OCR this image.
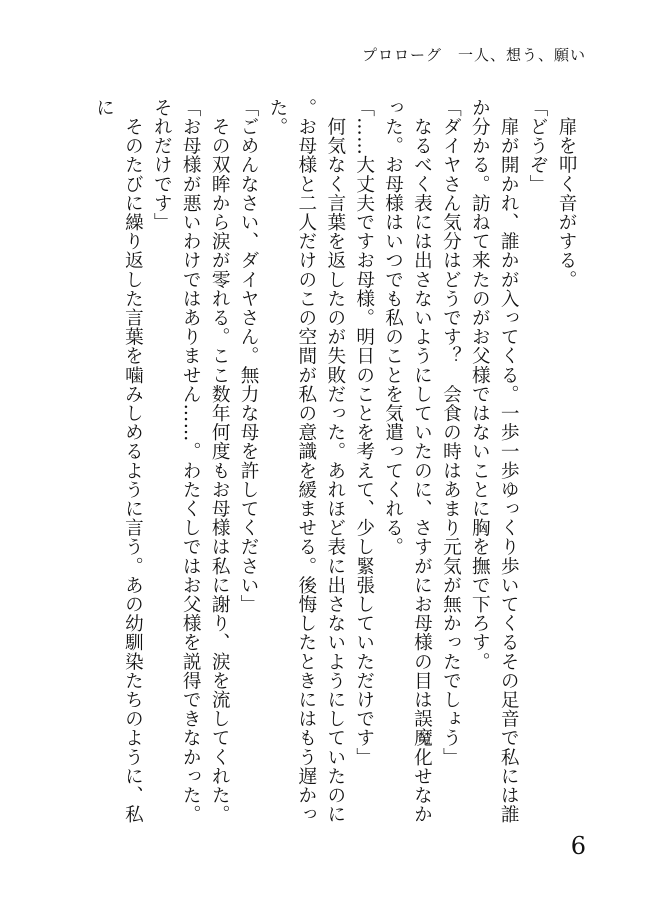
プロローグ　一人、想う、願い

　扉を叩く音がする。

「どうぞ」

　扉が開かれ、誰かが入ってくる。一歩一歩ゆっくり歩いてくるその足音で私には誰か分かる。訪ねて来たのがお父様ではないことに胸を撫で下ろす。

「ダイヤさん気分はどうです？　会食の時はあまり元気が無かったでしょう」

　なるべく表には出さないようにしていたのに、さすがにお母様の目は誤魔化せなかった。お母様はいつでも私のことを気遣ってくれる。

「……大丈夫ですお母様。明日のことを考えて、少し緊張していただけです」

　何気なく言葉を返したのが失敗だった。あれほど表に出さないようにしていたのに。お母様と二人だけのこの空間が私の意識を緩ませる。後悔したときにはもう遅かった。

「ごめんなさい、ダイヤさん。無力な母を許してください」

　その双眸から涙が零れる。ここ数年何度もお母様は私に謝り、涙を流してくれた。

「お母様が悪いわけではありません……。わたくしではお父様を説得できなかった。それだけです」

　そのたびに繰り返した言葉を噛みしめるように言う。あの幼馴染たちのように、私に

6
